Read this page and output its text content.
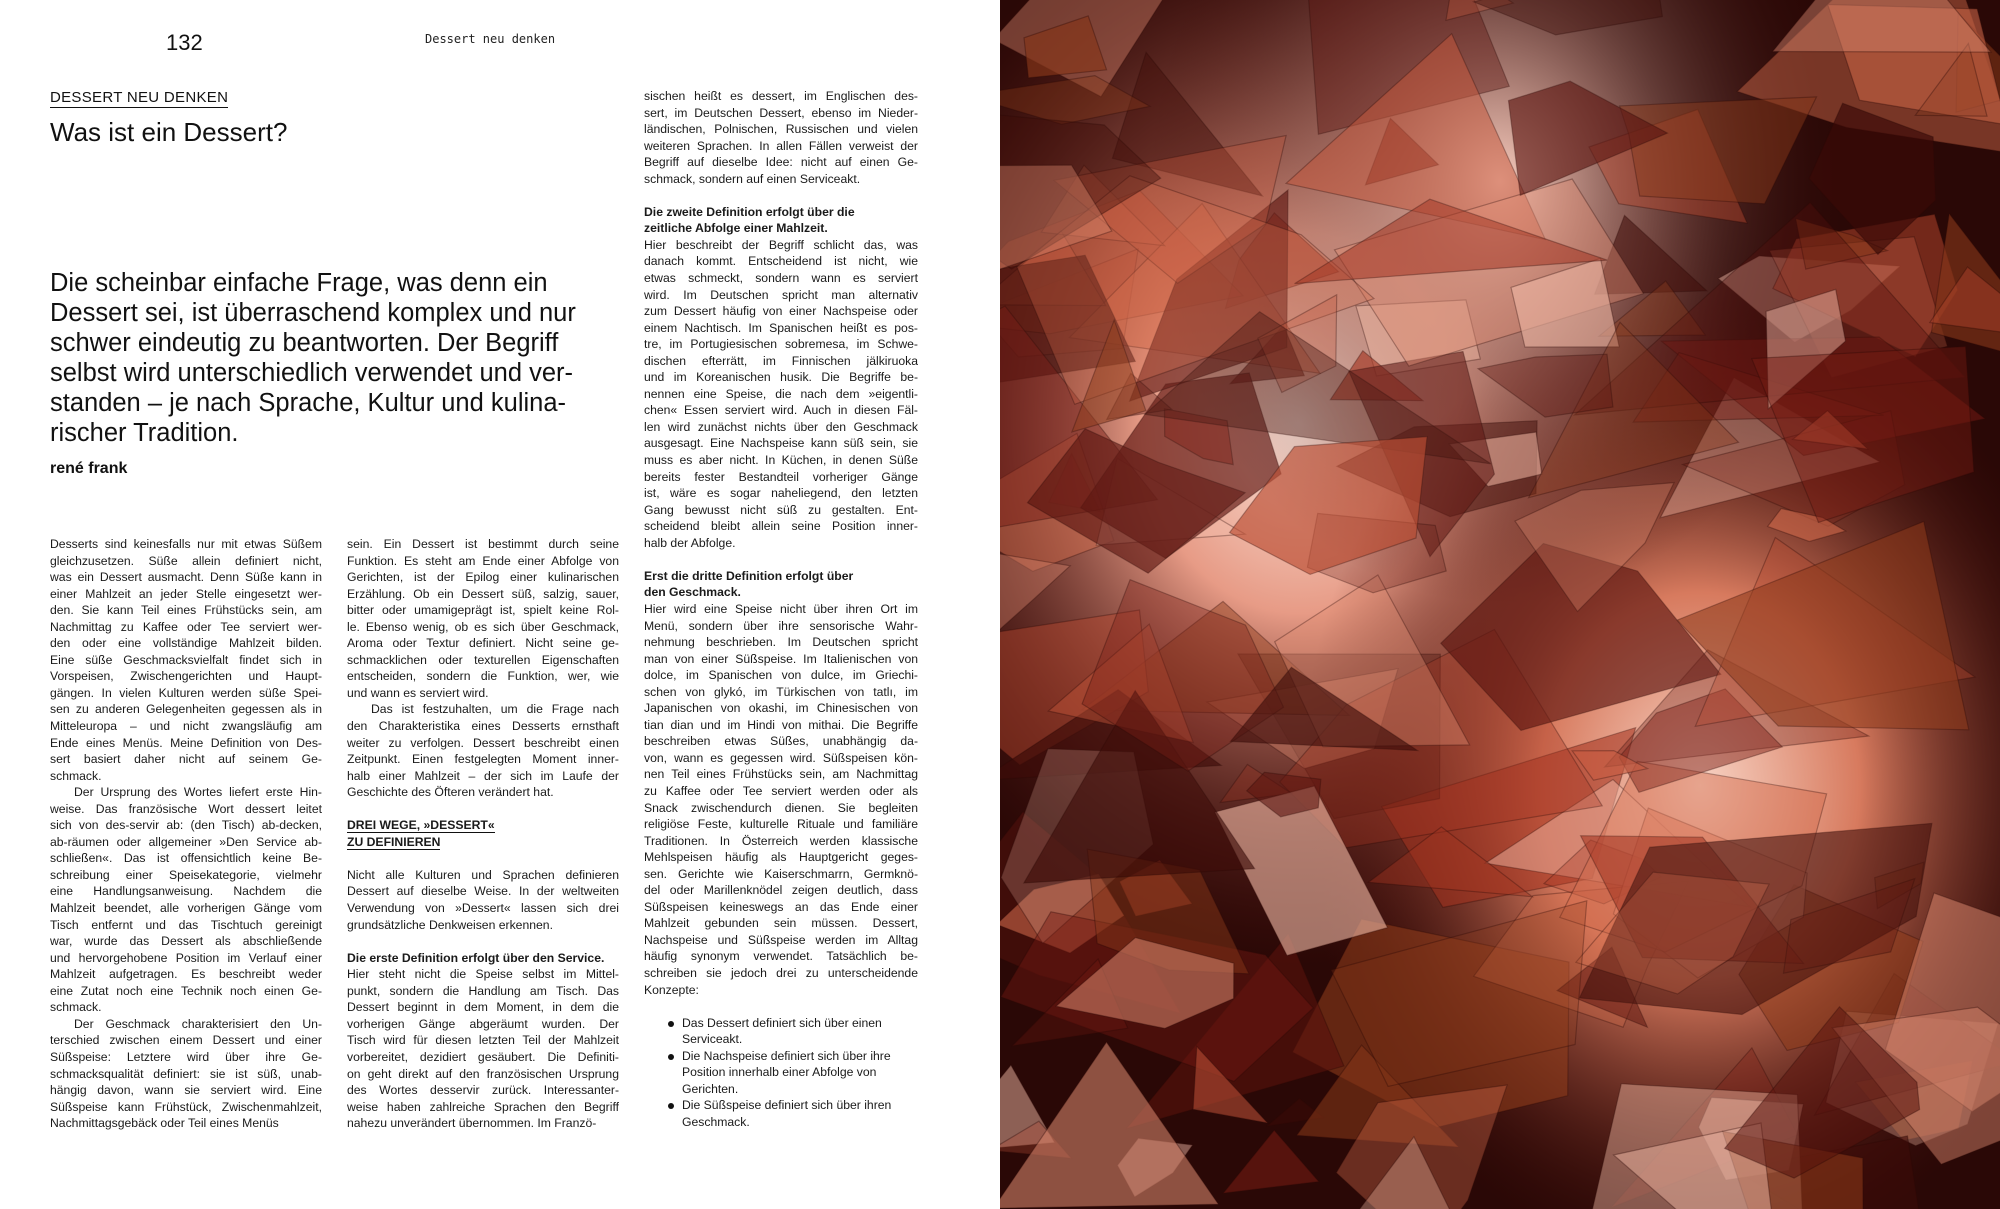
132	Dessert neu denken
DESSERT NEU DENKEN
Was ist ein Dessert?

Die scheinbar einfache Frage, was denn ein
Dessert sei, ist überraschend komplex und nur
schwer eindeutig zu beantworten. Der Begriff
selbst wird unterschiedlich verwendet und ver-
standen – je nach Sprache, Kultur und kulina-
rischer Tradition.

rené frank
Desserts sind keinesfalls nur mit etwas Süßem
gleichzusetzen. Süße allein definiert nicht,
was ein Dessert ausmacht. Denn Süße kann in
einer Mahlzeit an jeder Stelle eingesetzt wer-
den. Sie kann Teil eines Frühstücks sein, am
Nachmittag zu Kaffee oder Tee serviert wer-
den oder eine vollständige Mahlzeit bilden.
Eine süße Geschmacksvielfalt findet sich in
Vorspeisen, Zwischengerichten und Haupt-
gängen. In vielen Kulturen werden süße Spei-
sen zu anderen Gelegenheiten gegessen als in
Mitteleuropa – und nicht zwangsläufig am
Ende eines Menüs. Meine Definition von Des-
sert basiert daher nicht auf seinem Ge-
schmack.
Der Ursprung des Wortes liefert erste Hin-
weise. Das französische Wort dessert leitet
sich von des-servir ab: (den Tisch) ab-decken,
ab-räumen oder allgemeiner »Den Service ab-
schließen«. Das ist offensichtlich keine Be-
schreibung einer Speisekategorie, vielmehr
eine Handlungsanweisung. Nachdem die
Mahlzeit beendet, alle vorherigen Gänge vom
Tisch entfernt und das Tischtuch gereinigt
war, wurde das Dessert als abschließende
und hervorgehobene Position im Verlauf einer
Mahlzeit aufgetragen. Es beschreibt weder
eine Zutat noch eine Technik noch einen Ge-
schmack.
Der Geschmack charakterisiert den Un-
terschied zwischen einem Dessert und einer
Süßspeise: Letztere wird über ihre Ge-
schmacksqualität definiert: sie ist süß, unab-
hängig davon, wann sie serviert wird. Eine
Süßspeise kann Frühstück, Zwischenmahlzeit,
Nachmittagsgebäck oder Teil eines Menüs
sein. Ein Dessert ist bestimmt durch seine
Funktion. Es steht am Ende einer Abfolge von
Gerichten, ist der Epilog einer kulinarischen
Erzählung. Ob ein Dessert süß, salzig, sauer,
bitter oder umamigeprägt ist, spielt keine Rol-
le. Ebenso wenig, ob es sich über Geschmack,
Aroma oder Textur definiert. Nicht seine ge-
schmacklichen oder texturellen Eigenschaften
entscheiden, sondern die Funktion, wer, wie
und wann es serviert wird.
Das ist festzuhalten, um die Frage nach
den Charakteristika eines Desserts ernsthaft
weiter zu verfolgen. Dessert beschreibt einen
Zeitpunkt. Einen festgelegten Moment inner-
halb einer Mahlzeit – der sich im Laufe der
Geschichte des Öfteren verändert hat.
DREI WEGE, »DESSERT«
ZU DEFINIEREN
Nicht alle Kulturen und Sprachen definieren
Dessert auf dieselbe Weise. In der weltweiten
Verwendung von »Dessert« lassen sich drei
grundsätzliche Denkweisen erkennen.
Die erste Definition erfolgt über den Service.
Hier steht nicht die Speise selbst im Mittel-
punkt, sondern die Handlung am Tisch. Das
Dessert beginnt in dem Moment, in dem die
vorherigen Gänge abgeräumt wurden. Der
Tisch wird für diesen letzten Teil der Mahlzeit
vorbereitet, dezidiert gesäubert. Die Definiti-
on geht direkt auf den französischen Ursprung
des Wortes desservir zurück. Interessanter-
weise haben zahlreiche Sprachen den Begriff
nahezu unverändert übernommen. Im Franzö-
sischen heißt es dessert, im Englischen des-
sert, im Deutschen Dessert, ebenso im Nieder-
ländischen, Polnischen, Russischen und vielen
weiteren Sprachen. In allen Fällen verweist der
Begriff auf dieselbe Idee: nicht auf einen Ge-
schmack, sondern auf einen Serviceakt.
Die zweite Definition erfolgt über die
zeitliche Abfolge einer Mahlzeit.
Hier beschreibt der Begriff schlicht das, was
danach kommt. Entscheidend ist nicht, wie
etwas schmeckt, sondern wann es serviert
wird. Im Deutschen spricht man alternativ
zum Dessert häufig von einer Nachspeise oder
einem Nachtisch. Im Spanischen heißt es pos-
tre, im Portugiesischen sobremesa, im Schwe-
dischen efterrätt, im Finnischen jälkiruoka
und im Koreanischen husik. Die Begriffe be-
nennen eine Speise, die nach dem »eigentli-
chen« Essen serviert wird. Auch in diesen Fäl-
len wird zunächst nichts über den Geschmack
ausgesagt. Eine Nachspeise kann süß sein, sie
muss es aber nicht. In Küchen, in denen Süße
bereits fester Bestandteil vorheriger Gänge
ist, wäre es sogar naheliegend, den letzten
Gang bewusst nicht süß zu gestalten. Ent-
scheidend bleibt allein seine Position inner-
halb der Abfolge.
Erst die dritte Definition erfolgt über
den Geschmack.
Hier wird eine Speise nicht über ihren Ort im
Menü, sondern über ihre sensorische Wahr-
nehmung beschrieben. Im Deutschen spricht
man von einer Süßspeise. Im Italienischen von
dolce, im Spanischen von dulce, im Griechi-
schen von glykó, im Türkischen von tatlı, im
Japanischen von okashi, im Chinesischen von
tian dian und im Hindi von mithai. Die Begriffe
beschreiben etwas Süßes, unabhängig da-
von, wann es gegessen wird. Süßspeisen kön-
nen Teil eines Frühstücks sein, am Nachmittag
zu Kaffee oder Tee serviert werden oder als
Snack zwischendurch dienen. Sie begleiten
religiöse Feste, kulturelle Rituale und familiäre
Traditionen. In Österreich werden klassische
Mehlspeisen häufig als Hauptgericht geges-
sen. Gerichte wie Kaiserschmarrn, Germknö-
del oder Marillenknödel zeigen deutlich, dass
Süßspeisen keineswegs an das Ende einer
Mahlzeit gebunden sein müssen. Dessert,
Nachspeise und Süßspeise werden im Alltag
häufig synonym verwendet. Tatsächlich be-
schreiben sie jedoch drei zu unterscheidende
Konzepte:
Das Dessert definiert sich über einen
Serviceakt.
Die Nachspeise definiert sich über ihre
Position innerhalb einer Abfolge von
Gerichten.
Die Süßspeise definiert sich über ihren
Geschmack.
